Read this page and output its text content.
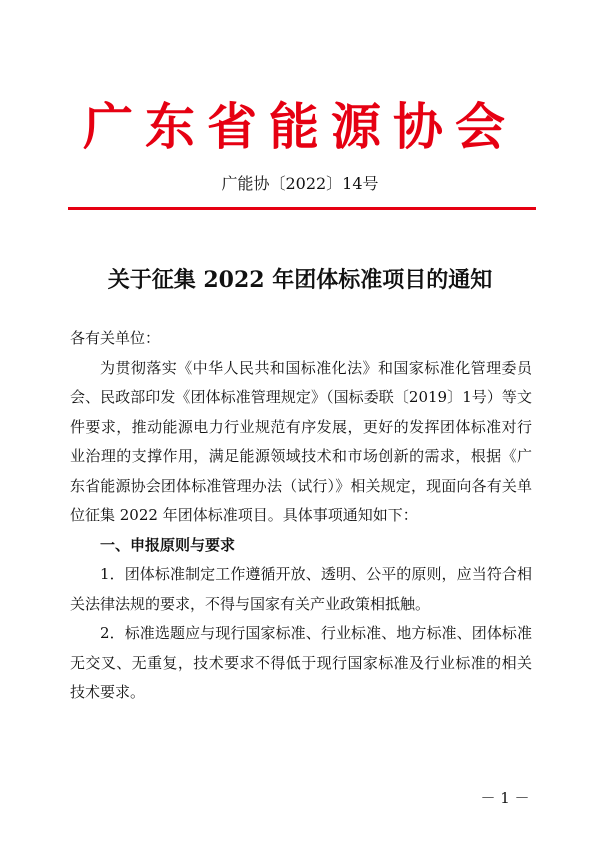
广东省能源协会
广能协〔2022〕14号
关于征集 2022 年团体标准项目的通知

各有关单位：

为贯彻落实《中华人民共和国标准化法》和国家标准化管理委员会、民政部印发《团体标准管理规定》（国标委联〔2019〕1号）等文件要求，推动能源电力行业规范有序发展，更好的发挥团体标准对行业治理的支撑作用，满足能源领域技术和市场创新的需求，根据《广东省能源协会团体标准管理办法（试行）》相关规定，现面向各有关单位征集 2022 年团体标准项目。具体事项通知如下：

一、申报原则与要求

1．团体标准制定工作遵循开放、透明、公平的原则，应当符合相关法律法规的要求，不得与国家有关产业政策相抵触。

2．标准选题应与现行国家标准、行业标准、地方标准、团体标准无交叉、无重复，技术要求不得低于现行国家标准及行业标准的相关技术要求。

－ 1 －
